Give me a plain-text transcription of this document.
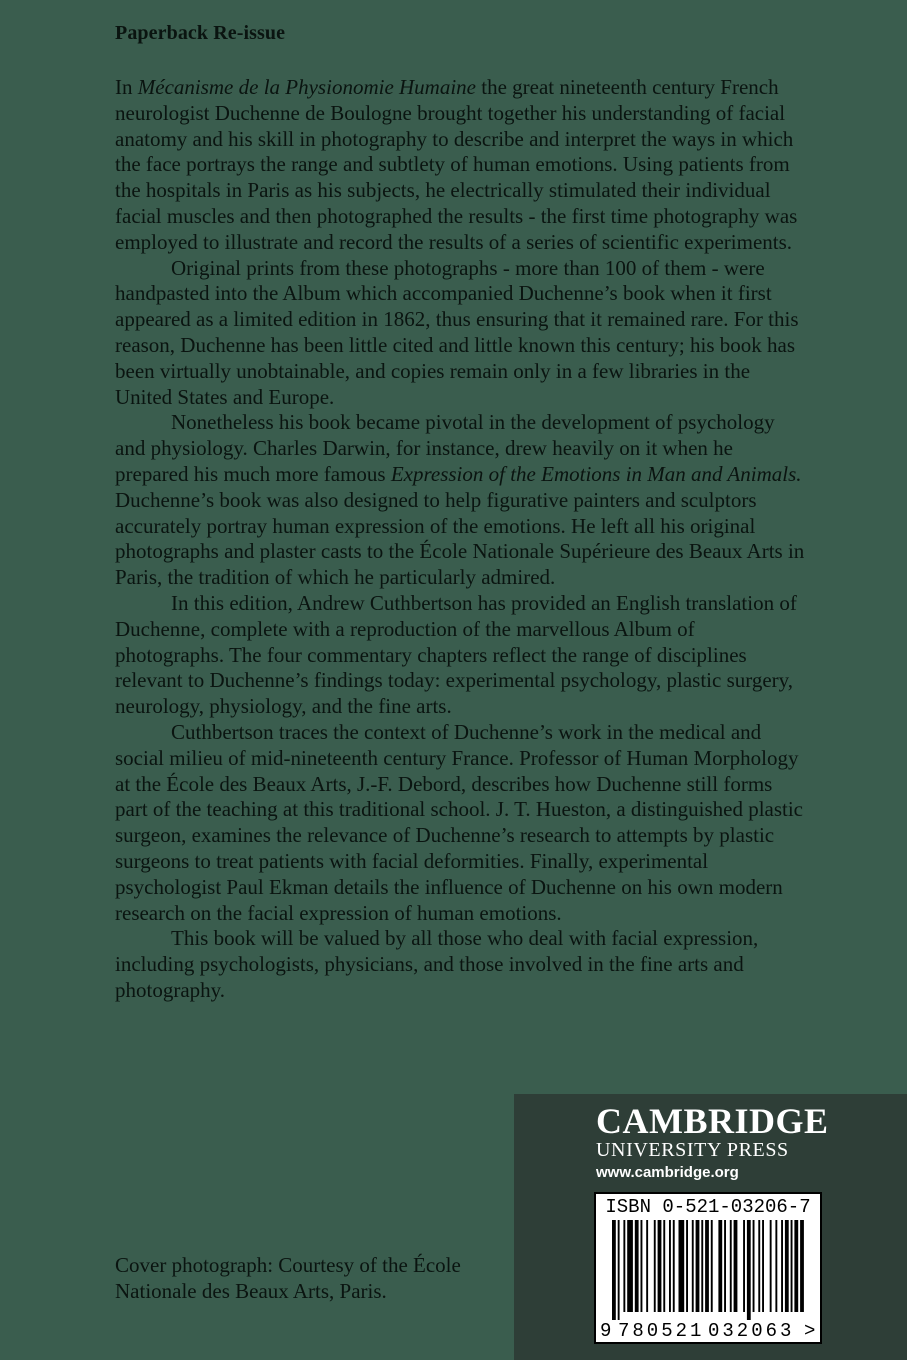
Paperback Re-issue

In Mécanisme de la Physionomie Humaine the great nineteenth century French neurologist Duchenne de Boulogne brought together his understanding of facial anatomy and his skill in photography to describe and interpret the ways in which the face portrays the range and subtlety of human emotions. Using patients from the hospitals in Paris as his subjects, he electrically stimulated their individual facial muscles and then photographed the results - the first time photography was employed to illustrate and record the results of a series of scientific experiments.

Original prints from these photographs - more than 100 of them - were handpasted into the Album which accompanied Duchenne’s book when it first appeared as a limited edition in 1862, thus ensuring that it remained rare. For this reason, Duchenne has been little cited and little known this century; his book has been virtually unobtainable, and copies remain only in a few libraries in the United States and Europe.

Nonetheless his book became pivotal in the development of psychology and physiology. Charles Darwin, for instance, drew heavily on it when he prepared his much more famous Expression of the Emotions in Man and Animals. Duchenne’s book was also designed to help figurative painters and sculptors accurately portray human expression of the emotions. He left all his original photographs and plaster casts to the École Nationale Supérieure des Beaux Arts in Paris, the tradition of which he particularly admired.

In this edition, Andrew Cuthbertson has provided an English translation of Duchenne, complete with a reproduction of the marvellous Album of photographs. The four commentary chapters reflect the range of disciplines relevant to Duchenne’s findings today: experimental psychology, plastic surgery, neurology, physiology, and the fine arts.

Cuthbertson traces the context of Duchenne’s work in the medical and social milieu of mid-nineteenth century France. Professor of Human Morphology at the École des Beaux Arts, J.-F. Debord, describes how Duchenne still forms part of the teaching at this traditional school. J. T. Hueston, a distinguished plastic surgeon, examines the relevance of Duchenne’s research to attempts by plastic surgeons to treat patients with facial deformities. Finally, experimental psychologist Paul Ekman details the influence of Duchenne on his own modern research on the facial expression of human emotions.

This book will be valued by all those who deal with facial expression, including psychologists, physicians, and those involved in the fine arts and photography.

Cover photograph: Courtesy of the École
Nationale des Beaux Arts, Paris.
CAMBRIDGE
UNIVERSITY PRESS
www.cambridge.org
ISBN 0-521-03206-7
9 780521 032063 >
